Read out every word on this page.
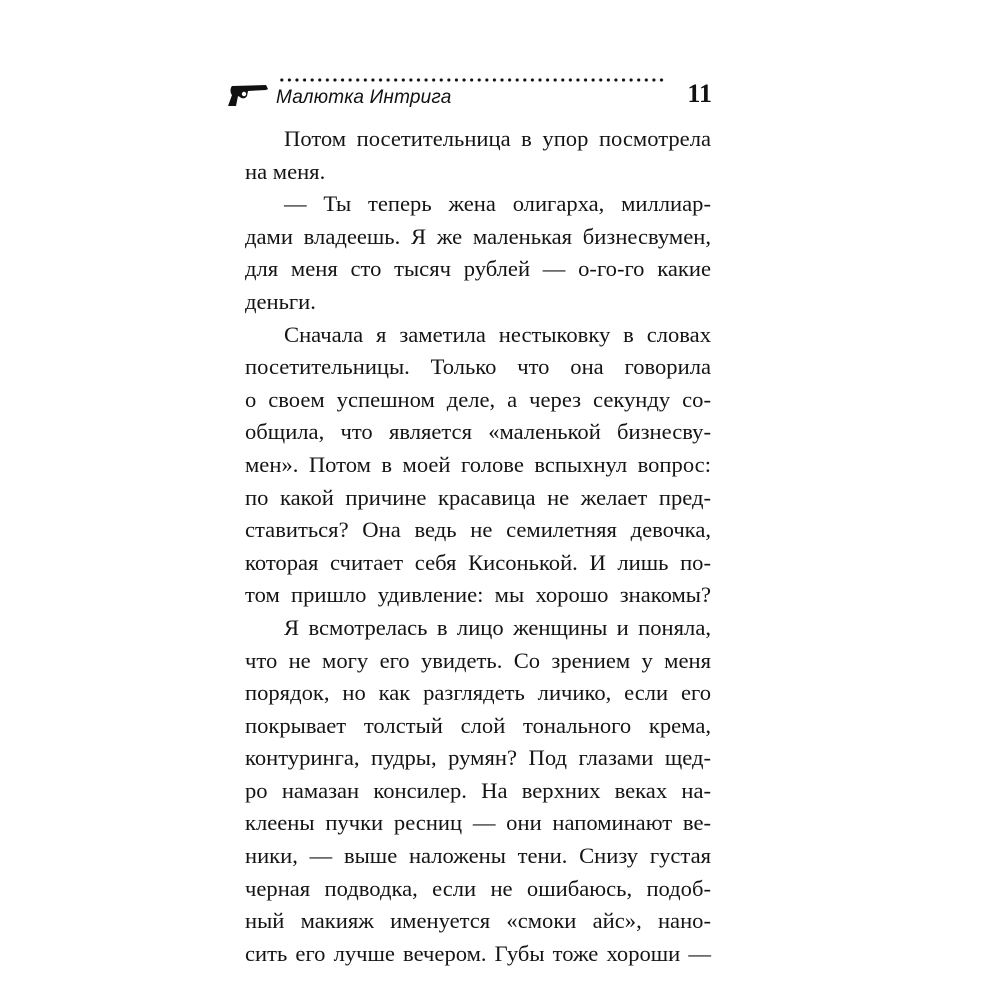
Малютка Интрига	11
Потом посетительница в упор посмотрела
на меня.
— Ты теперь жена олигарха, миллиар-
дами владеешь. Я же маленькая бизнесвумен,
для меня сто тысяч рублей — о-го-го какие
деньги.
Сначала я заметила нестыковку в словах
посетительницы. Только что она говорила
о своем успешном деле, а через секунду со-
общила, что является «маленькой бизнесву-
мен». Потом в моей голове вспыхнул вопрос:
по какой причине красавица не желает пред-
ставиться? Она ведь не семилетняя девочка,
которая считает себя Кисонькой. И лишь по-
том пришло удивление: мы хорошо знакомы?
Я всмотрелась в лицо женщины и поняла,
что не могу его увидеть. Со зрением у меня
порядок, но как разглядеть личико, если его
покрывает толстый слой тонального крема,
контуринга, пудры, румян? Под глазами щед-
ро намазан консилер. На верхних веках на-
клеены пучки ресниц — они напоминают ве-
ники, — выше наложены тени. Снизу густая
черная подводка, если не ошибаюсь, подоб-
ный макияж именуется «смоки айс», нано-
сить его лучше вечером. Губы тоже хороши —
